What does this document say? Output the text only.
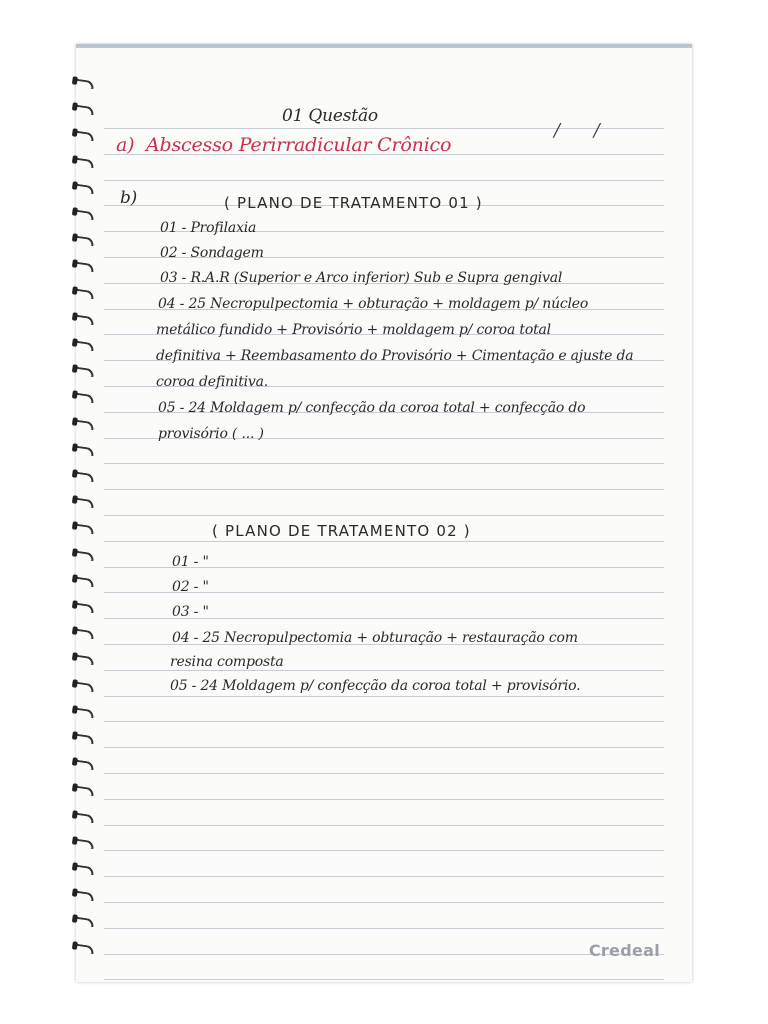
01 Questão
/ /
a) Abscesso Perirradicular Crônico
b)	( PLANO DE TRATAMENTO 01 )
01 - Profilaxia
02 - Sondagem
03 - R.A.R (Superior e Arco inferior) Sub e Supra gengival
04 - 25 Necropulpectomia + obturação + moldagem p/ núcleo
metálico fundido + Provisório + moldagem p/ coroa total
definitiva + Reembasamento do Provisório + Cimentação e ajuste da
coroa definitiva.
05 - 24 Moldagem p/ confecção da coroa total + confecção do
provisório ( ... )
( PLANO DE TRATAMENTO 02 )
01 - "
02 - "
03 - "
04 - 25 Necropulpectomia + obturação + restauração com
resina composta
05 - 24 Moldagem p/ confecção da coroa total + provisório.
Credeal
